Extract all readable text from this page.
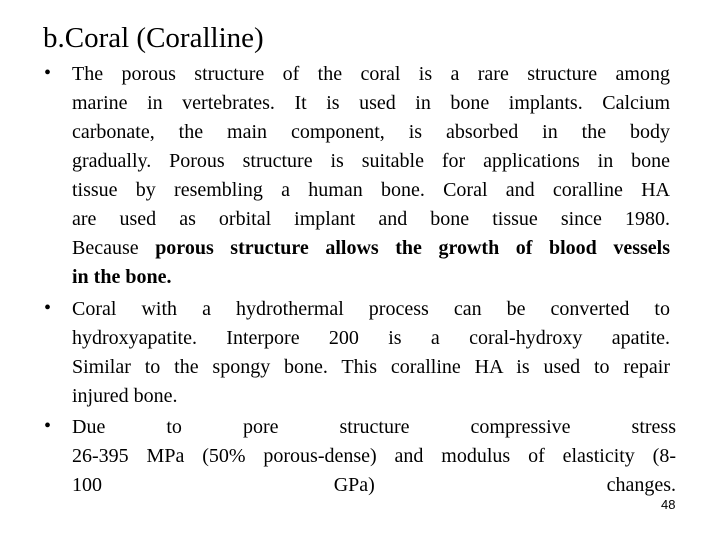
b.Coral (Coralline)
• The porous structure of the coral is a rare structure among
marine in vertebrates. It is used in bone implants. Calcium
carbonate, the main component, is absorbed in the body
gradually. Porous structure is suitable for applications in bone
tissue by resembling a human bone. Coral and coralline HA
are used as orbital implant and bone tissue since 1980.
Because porous structure allows the growth of blood vessels
in the bone.
• Coral with a hydrothermal process can be converted to
hydroxyapatite. Interpore 200 is a coral-hydroxy apatite.
Similar to the spongy bone. This coralline HA is used to repair
injured bone.
• Due to pore structure compressive stress
26-395 MPa (50% porous-dense) and modulus of elasticity (8-
100 GPa) changes.
48
